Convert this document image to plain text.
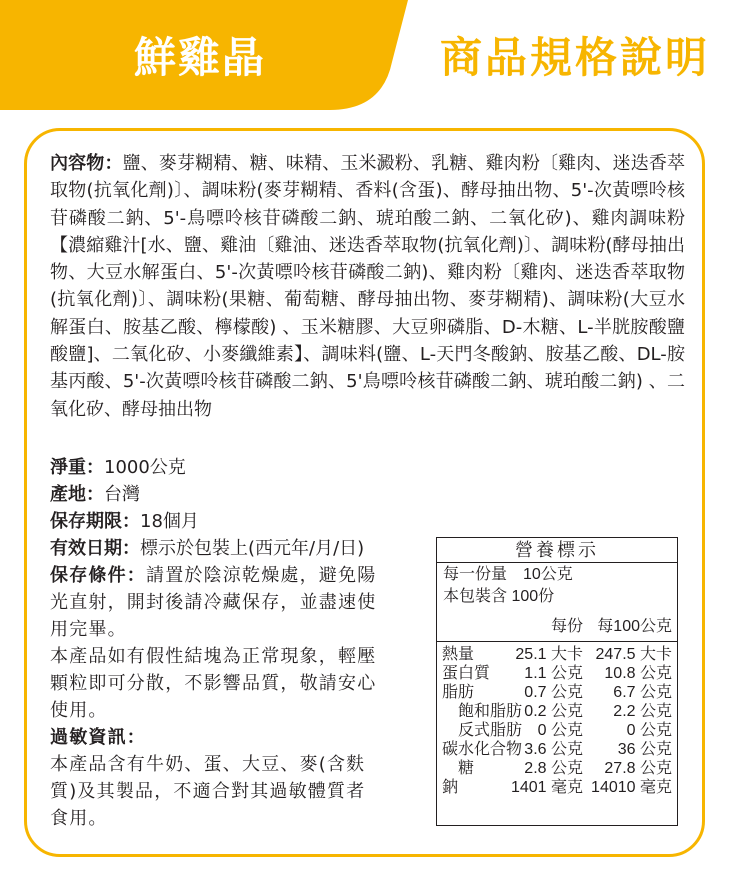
鮮雞晶	商品規格說明
內容物：鹽、麥芽糊精、糖、味精、玉米澱粉、乳糖、雞肉粉〔雞肉、迷迭香萃取物(抗氧化劑)〕、調味粉(麥芽糊精、香料(含蛋)、酵母抽出物、5'-次黃嘌呤核苷磷酸二鈉、5'-鳥嘌呤核苷磷酸二鈉、琥珀酸二鈉、二氧化矽)、雞肉調味粉【濃縮雞汁[水、鹽、雞油〔雞油、迷迭香萃取物(抗氧化劑)〕、調味粉(酵母抽出物、大豆水解蛋白、5'-次黃嘌呤核苷磷酸二鈉)、雞肉粉〔雞肉、迷迭香萃取物(抗氧化劑)〕、調味粉(果糖、葡萄糖、酵母抽出物、麥芽糊精)、調味粉(大豆水解蛋白、胺基乙酸、檸檬酸) 、玉米糖膠、大豆卵磷脂、D-木糖、L-半胱胺酸鹽酸鹽]、二氧化矽、小麥纖維素】、調味料(鹽、L-天門冬酸鈉、胺基乙酸、DL-胺基丙酸、5'-次黃嘌呤核苷磷酸二鈉、5'鳥嘌呤核苷磷酸二鈉、琥珀酸二鈉) 、二氧化矽、酵母抽出物
淨重：1000公克
產地：台灣
保存期限：18個月
有效日期：標示於包裝上(西元年/月/日)
保存條件：請置於陰涼乾燥處，避免陽
光直射，開封後請冷藏保存，並盡速使
用完畢。
本產品如有假性結塊為正常現象，輕壓
顆粒即可分散，不影響品質，敬請安心
使用。
過敏資訊：
本產品含有牛奶、蛋、大豆、麥(含麩
質)及其製品，不適合對其過敏體質者
食用。
營養標示
每一份量　10公克
本包裝含 100份
每份 每100公克
熱量	25.1 大卡 247.5 大卡
蛋白質 1.1 公克 10.8 公克
脂肪	0.7 公克 6.7 公克
　飽和脂肪 0.2 公克 2.2 公克
　反式脂肪 0 公克	0 公克
碳水化合物 3.6 公克 36 公克
　糖	2.8 公克 27.8 公克
鈉	1401 毫克 14010 毫克
